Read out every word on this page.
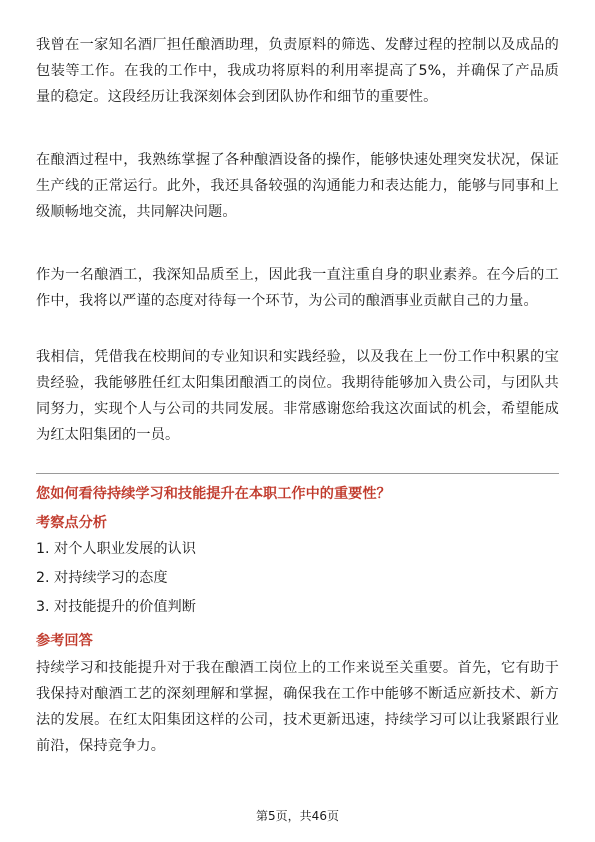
我曾在一家知名酒厂担任酿酒助理，负责原料的筛选、发酵过程的控制以及成品的包装等工作。在我的工作中，我成功将原料的利用率提高了5%，并确保了产品质量的稳定。这段经历让我深刻体会到团队协作和细节的重要性。

在酿酒过程中，我熟练掌握了各种酿酒设备的操作，能够快速处理突发状况，保证生产线的正常运行。此外，我还具备较强的沟通能力和表达能力，能够与同事和上级顺畅地交流，共同解决问题。

作为一名酿酒工，我深知品质至上，因此我一直注重自身的职业素养。在今后的工作中，我将以严谨的态度对待每一个环节，为公司的酿酒事业贡献自己的力量。

我相信，凭借我在校期间的专业知识和实践经验，以及我在上一份工作中积累的宝贵经验，我能够胜任红太阳集团酿酒工的岗位。我期待能够加入贵公司，与团队共同努力，实现个人与公司的共同发展。非常感谢您给我这次面试的机会，希望能成为红太阳集团的一员。

您如何看待持续学习和技能提升在本职工作中的重要性？

考察点分析

1. 对个人职业发展的认识

2. 对持续学习的态度

3. 对技能提升的价值判断

参考回答

持续学习和技能提升对于我在酿酒工岗位上的工作来说至关重要。首先，它有助于我保持对酿酒工艺的深刻理解和掌握，确保我在工作中能够不断适应新技术、新方法的发展。在红太阳集团这样的公司，技术更新迅速，持续学习可以让我紧跟行业前沿，保持竞争力。

第5页，共46页
